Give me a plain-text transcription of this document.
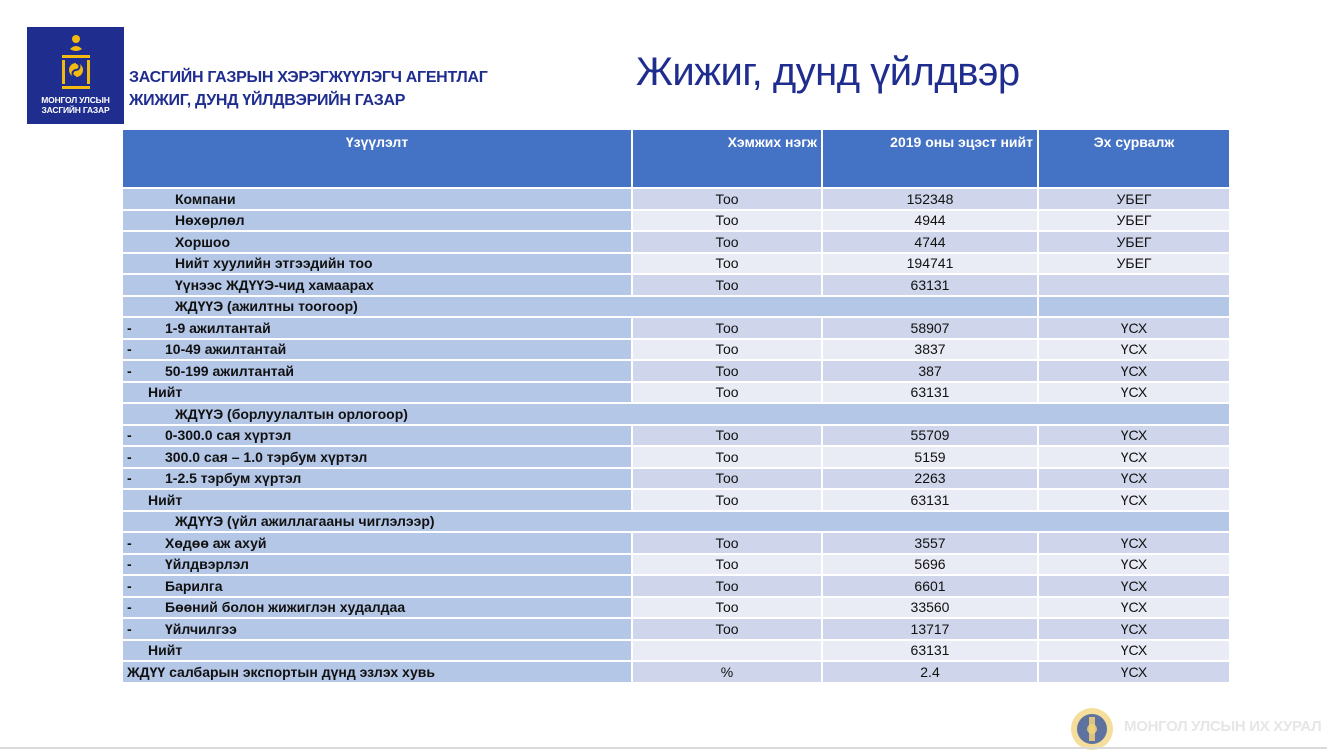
МОНГОЛ УЛСЫН
ЗАСГИЙН ГАЗАР
ЗАСГИЙН ГАЗРЫН ХЭРЭГЖҮҮЛЭГЧ АГЕНТЛАГ
ЖИЖИГ, ДУНД ҮЙЛДВЭРИЙН ГАЗАР
Жижиг, дунд үйлдвэр
Үзүүлэлт	Хэмжих нэгж	2019 оны эцэст нийт	Эх сурвалж
Компани	Тоо	152348	УБЕГ
Нөхөрлөл	Тоо	4944	УБЕГ
Хоршоо	Тоо	4744	УБЕГ
Нийт хуулийн этгээдийн тоо	Тоо	194741	УБЕГ
Үүнээс ЖДҮҮЭ-чид хамаарах	Тоо	63131	
ЖДҮҮЭ (ажилтны тоогоор)			
- 1-9 ажилтантай	Тоо	58907	ҮСХ
- 10-49 ажилтантай	Тоо	3837	ҮСХ
- 50-199 ажилтантай	Тоо	387	ҮСХ
Нийт	Тоо	63131	ҮСХ
ЖДҮҮЭ (борлуулалтын орлогоор)			
- 0-300.0 сая хүртэл	Тоо	55709	ҮСХ
- 300.0 сая – 1.0 тэрбум хүртэл	Тоо	5159	ҮСХ
- 1-2.5 тэрбум хүртэл	Тоо	2263	ҮСХ
Нийт	Тоо	63131	ҮСХ
ЖДҮҮЭ (үйл ажиллагааны чиглэлээр)			
- Хөдөө аж ахуй	Тоо	3557	ҮСХ
- Үйлдвэрлэл	Тоо	5696	ҮСХ
- Барилга	Тоо	6601	ҮСХ
- Бөөний болон жижиглэн худалдаа	Тоо	33560	ҮСХ
- Үйлчилгээ	Тоо	13717	ҮСХ
Нийт		63131	ҮСХ
ЖДҮҮ салбарын экспортын дүнд эзлэх хувь	%	2.4	ҮСХ
МОНГОЛ УЛСЫН ИХ ХУРАЛ
